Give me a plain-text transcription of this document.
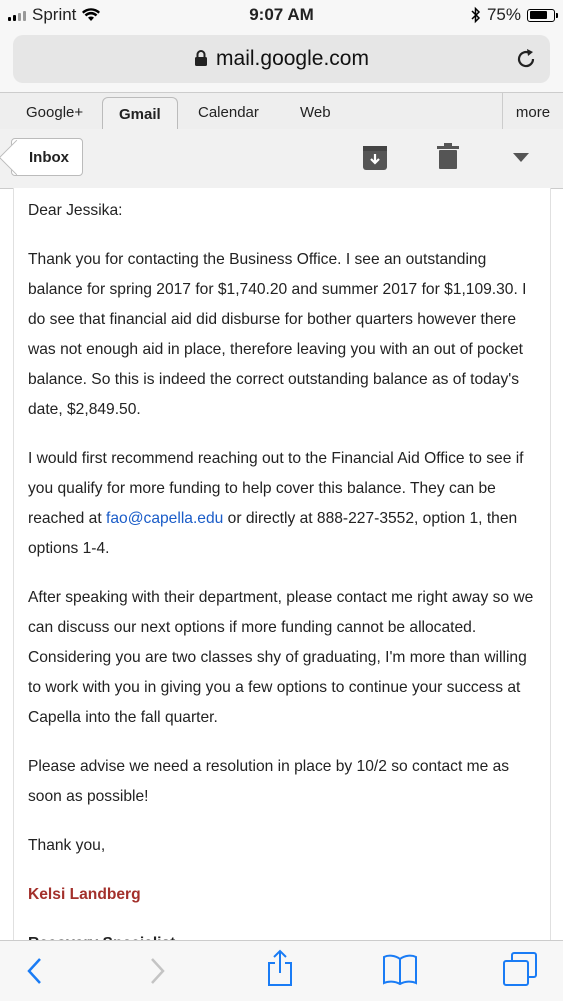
Sprint	9:07 AM	75%
mail.google.com
Google+	Gmail	Calendar	Web	more
Inbox

Dear Jessika:

Thank you for contacting the Business Office. I see an outstanding balance for spring 2017 for $1,740.20 and summer 2017 for $1,109.30. I do see that financial aid did disburse for bother quarters however there was not enough aid in place, therefore leaving you with an out of pocket balance. So this is indeed the correct outstanding balance as of today's date, $2,849.50.

I would first recommend reaching out to the Financial Aid Office to see if you qualify for more funding to help cover this balance. They can be reached at fao@capella.edu or directly at 888-227-3552, option 1, then options 1-4.

After speaking with their department, please contact me right away so we can discuss our next options if more funding cannot be allocated. Considering you are two classes shy of graduating, I'm more than willing to work with you in giving you a few options to continue your success at Capella into the fall quarter.

Please advise we need a resolution in place by 10/2 so contact me as soon as possible!

Thank you,

Kelsi Landberg
